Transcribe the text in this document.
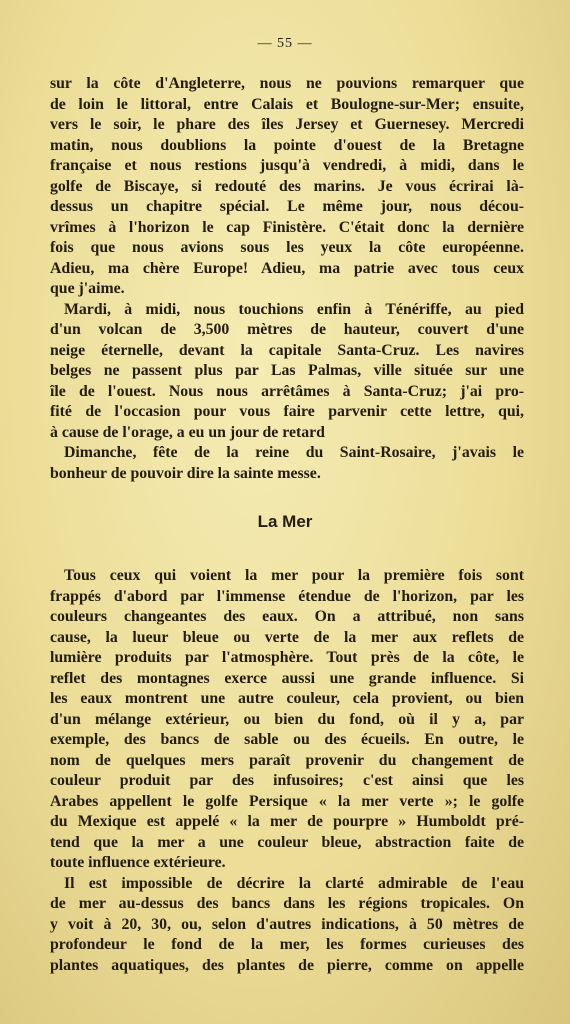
— 55 —
sur la côte d'Angleterre, nous ne pouvions remarquer que
de loin le littoral, entre Calais et Boulogne-sur-Mer; ensuite,
vers le soir, le phare des îles Jersey et Guernesey. Mercredi
matin, nous doublions la pointe d'ouest de la Bretagne
française et nous restions jusqu'à vendredi, à midi, dans le
golfe de Biscaye, si redouté des marins. Je vous écrirai là-
dessus un chapitre spécial. Le même jour, nous décou-
vrîmes à l'horizon le cap Finistère. C'était donc la dernière
fois que nous avions sous les yeux la côte européenne.
Adieu, ma chère Europe! Adieu, ma patrie avec tous ceux
que j'aime.
Mardi, à midi, nous touchions enfin à Ténériffe, au pied
d'un volcan de 3,500 mètres de hauteur, couvert d'une
neige éternelle, devant la capitale Santa-Cruz. Les navires
belges ne passent plus par Las Palmas, ville située sur une
île de l'ouest. Nous nous arrêtâmes à Santa-Cruz; j'ai pro-
fité de l'occasion pour vous faire parvenir cette lettre, qui,
à cause de l'orage, a eu un jour de retard
Dimanche, fête de la reine du Saint-Rosaire, j'avais le
bonheur de pouvoir dire la sainte messe.
La Mer
Tous ceux qui voient la mer pour la première fois sont
frappés d'abord par l'immense étendue de l'horizon, par les
couleurs changeantes des eaux. On a attribué, non sans
cause, la lueur bleue ou verte de la mer aux reflets de
lumière produits par l'atmosphère. Tout près de la côte, le
reflet des montagnes exerce aussi une grande influence. Si
les eaux montrent une autre couleur, cela provient, ou bien
d'un mélange extérieur, ou bien du fond, où il y a, par
exemple, des bancs de sable ou des écueils. En outre, le
nom de quelques mers paraît provenir du changement de
couleur produit par des infusoires; c'est ainsi que les
Arabes appellent le golfe Persique « la mer verte »; le golfe
du Mexique est appelé « la mer de pourpre » Humboldt pré-
tend que la mer a une couleur bleue, abstraction faite de
toute influence extérieure.
Il est impossible de décrire la clarté admirable de l'eau
de mer au-dessus des bancs dans les régions tropicales. On
y voit à 20, 30, ou, selon d'autres indications, à 50 mètres de
profondeur le fond de la mer, les formes curieuses des
plantes aquatiques, des plantes de pierre, comme on appelle
